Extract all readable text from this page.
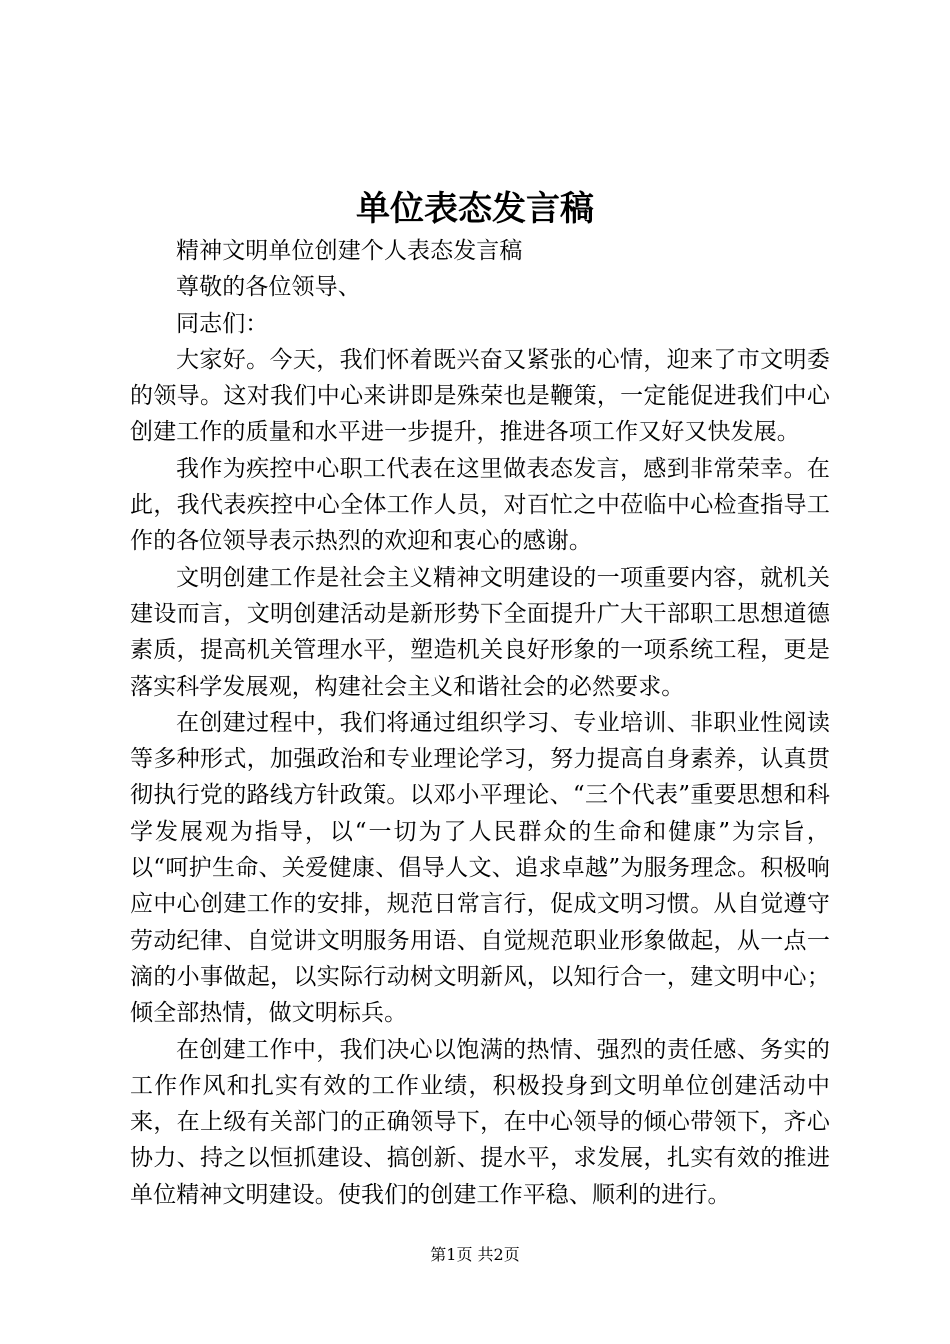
单位表态发言稿

精神文明单位创建个人表态发言稿

尊敬的各位领导、

同志们：

大家好。今天，我们怀着既兴奋又紧张的心情，迎来了市文明委的领导。这对我们中心来讲即是殊荣也是鞭策，一定能促进我们中心创建工作的质量和水平进一步提升，推进各项工作又好又快发展。

我作为疾控中心职工代表在这里做表态发言，感到非常荣幸。在此，我代表疾控中心全体工作人员，对百忙之中莅临中心检查指导工作的各位领导表示热烈的欢迎和衷心的感谢。

文明创建工作是社会主义精神文明建设的一项重要内容，就机关建设而言，文明创建活动是新形势下全面提升广大干部职工思想道德素质，提高机关管理水平，塑造机关良好形象的一项系统工程，更是落实科学发展观，构建社会主义和谐社会的必然要求。

在创建过程中，我们将通过组织学习、专业培训、非职业性阅读等多种形式，加强政治和专业理论学习，努力提高自身素养，认真贯彻执行党的路线方针政策。以邓小平理论、“三个代表”重要思想和科学发展观为指导，以“一切为了人民群众的生命和健康”为宗旨，以“呵护生命、关爱健康、倡导人文、追求卓越”为服务理念。积极响应中心创建工作的安排，规范日常言行，促成文明习惯。从自觉遵守劳动纪律、自觉讲文明服务用语、自觉规范职业形象做起，从一点一滴的小事做起，以实际行动树文明新风，以知行合一，建文明中心；倾全部热情，做文明标兵。

在创建工作中，我们决心以饱满的热情、强烈的责任感、务实的工作作风和扎实有效的工作业绩，积极投身到文明单位创建活动中来，在上级有关部门的正确领导下，在中心领导的倾心带领下，齐心协力、持之以恒抓建设、搞创新、提水平，求发展，扎实有效的推进单位精神文明建设。使我们的创建工作平稳、顺利的进行。

第1页 共2页
